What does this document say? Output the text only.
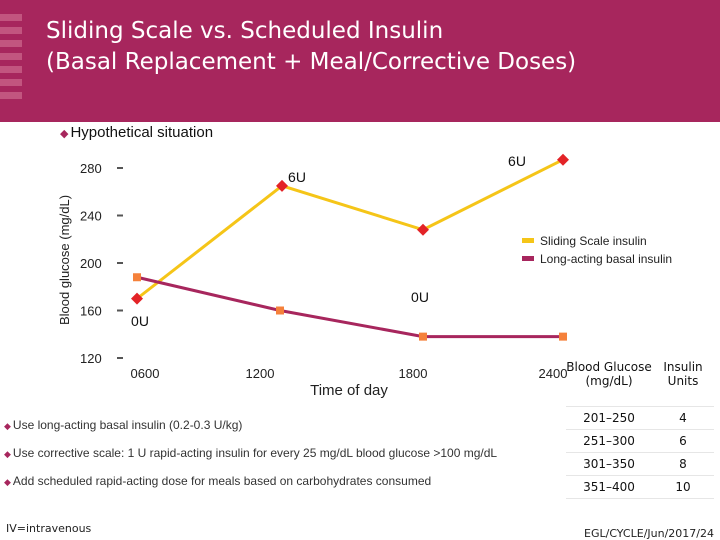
Sliding Scale vs. Scheduled Insulin
(Basal Replacement + Meal/Corrective Doses)
◆ Hypothetical situation
280
240
200
160
120
Blood glucose (mg/dL)
0600	1200	1800	2400
Time of day
6U
6U
0U
0U
Sliding Scale insulin
Long-acting basal insulin
◆ Use long-acting basal insulin (0.2-0.3 U/kg)
◆ Use corrective scale: 1 U rapid-acting insulin for every 25 mg/dL blood glucose >100 mg/dL
◆ Add scheduled rapid-acting dose for meals based on carbohydrates consumed
Blood Glucose (mg/dL)	Insulin Units
201–250	4
251–300	6
301–350	8
351–400	10
IV=intravenous	EGL/CYCLE/Jun/2017/24
